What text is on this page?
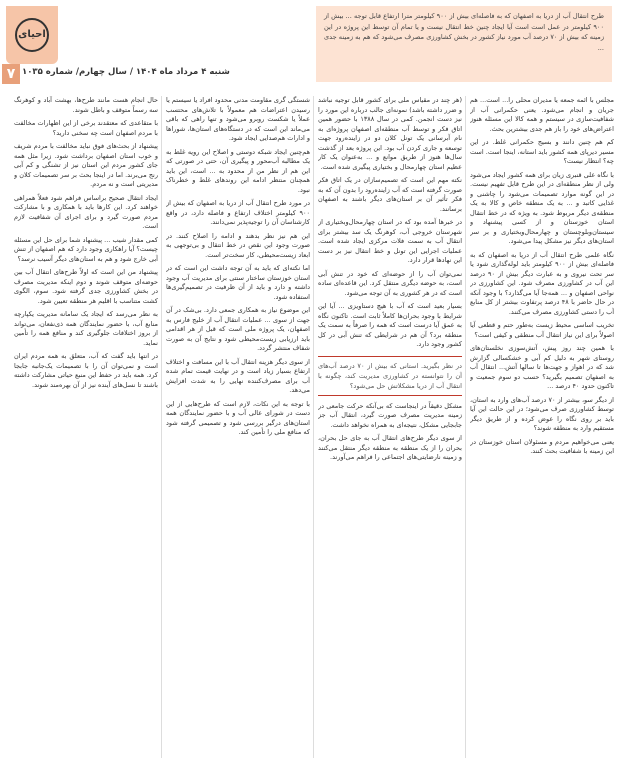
احیای
۷ شنبه ۴ مرداد ماه ۱۴۰۴ / سال چهارم/ شماره ۱۰۳۵
طرح انتقال آب از دریا به اصفهان که به فاصله‌ای بیش از ۹۰۰ کیلومتر مترا ارتفاع قابل توجه ... بیش از ۹۰۰ کیلومتر در عمل است است آیا ایجاد چنین خط انتقال نیست و یا تمام آن توسط این پروژه در این زمینه که بیش از ۷۰ درصد آب مورد نیاز کشور در بخش کشاورزی مصرف می‌شود که هم به زمینه جدی ...

مجلس با ائمه جمعه یا مدیران محلی را... است... هم جریان و انجام می‌شود. یعنی حکمرانی آب از شفافیت‌سازی در سیستم و همه کالا این مسئله هنوز اعتراض‌های خود را باز هم جدی بیشترین بحث.

کم هم چنین دانند و بسیج حکمرانی غلط. در این مسیر دیرپای همه کشور باید استانه، اینجا است. است چه؟ انتظار نیست؟

با نگاه علی قنبری زیان برای همه کشور ایجاد می‌شود ولی از نظر منطقه‌ای در این طرح قابل تفهیم نیست. در این گونه موارد تصمیمات می‌شود را چاشنی و غذایی کاتبد و ... به یک منطقه خاص و کالا به یک منطقه‌ی دیگر مربوط شود. به ویژه که در خط انتقال استان خوزستان و از کسی پیشنهاد و سیستان‌وبلوچستان و چهارمحال‌وبختیاری و بر سر استان‌های دیگر نیز مشکل پیدا می‌شود.

نگاه علمی طرح انتقال آب از دریا به اصفهان که به فاصله‌ای بیش از ۹۰۰ کیلومتر باید لوله‌گذاری شود یا سر تحت نیروی و به عبارت دیگر بیش از ۹۰ درصد این آب در کشاورزی مصرف شود. این کشاورزی در نواحی اصفهان و ... همه‌جا آیا می‌گذارد؟ با وجود آنکه در حال حاضر با ۴۸ درصد پرتفاوت بیشتر از کل منابع آب را دستی کشاورزی مصرف می‌کنند.

تخریب اساسی محیط زیست به‌طور حتم و قطعی آیا اصولاً برای این نیاز انتقال آب منطقی و کیفی است؟

با همین چند روز پیش، آتش‌سوزی نخلستان‌های روستای شهر به دلیل کم آبی و خشکسالی گزارش شد که در اهواز و جهت‌ها تا سالها آتش... انتقال آب به اصفهان تصمیم بگیرید؟ حسب دو سوم جمعیت و تاکنون حدود ۴۰ درصد ...

از دیگر سو، بیشتر از ۷۰ درصد آب‌های وارد به استان، توسط کشاورزی صرف می‌شود؛ در این حالت این آیا باید بر روی نگاه را عوض کرده و از طریق دیگر مستقیم وارد به منطقه شوند؟

یعنی می‌خواهیم مردم و مسئولان استان خوزستان در این زمینه با شفافیت بحث کنند.

(هر چند در مقیاس ملی برای کشور قابل توجیه نباشد و ضرر داشته باشد) نمونه‌ای جالب درباره این مورد را نیز دست انجمن. کمی در سال ۱۳۸۸ با حضور همین اتاق فکر و توسط آب منطقه‌ای اصفهان پروژه‌ای به نام آبرسانی یک تونل کلان دو در زاینده‌رود جهت توسعه و جاری کردن آب بود. این پروژه بعد از گذشت سال‌ها هنوز از طریق موانع و ... به‌عنوان یک کار عظیم استان چهارمحال و بختیاری پیگیری شده است.

نکته مهم این است که تصمیم‌سازان در یک اتاق فکر صورت گرفته است که آب زاینده‌رود را بدون آن که به فکر تأثیر آن بر استان‌های دیگر باشند به اصفهان برسانند.

در خبرها آمده بود که در استان چهارمحال‌وبختیاری از شهرستان خروجی آب، کوهرنگ یک سد بیشتر برای انتقال آب به سمت فلات مرکزی ایجاد شده است. عملیات اجرایی این تونل و خط انتقال نیز بر دست این نهادها قرار دارد.

نمی‌توان آب را از حوضه‌ای که خود در تنش آبی است، به حوضه دیگری منتقل کرد. این قاعده‌ای ساده است که در هر کشوری به آن توجه می‌شود.

بسیار بعید است که آب با هیچ دستاویزی ... آیا این شرایط با وجود بحران‌ها کاملاً ثابت است. تاکنون نگاه به عمق آیا درست است که همه را صرفاً به سمت یک منطقه برد؟ آن هم در شرایطی که تنش آبی در کل کشور وجود دارد.

در نظر بگیرید. استانی که بیش از ۷۰ درصد آب‌های آن را نتوانسته در کشاورزی مدیریت کند، چگونه با انتقال آب از دریا مشکلاتش حل می‌شود؟

مشکل دقیقاً در اینجاست که بی‌آنکه حرکت جامعی در زمینه مدیریت مصرف صورت گیرد، انتقال آب جز جابجایی مشکل، نتیجه‌ای به همراه نخواهد داشت.

از سوی دیگر طرح‌های انتقال آب به جای حل بحران، بحران را از یک منطقه به منطقه دیگر منتقل می‌کنند و زمینه نارضایتی‌های اجتماعی را فراهم می‌آورند.

شستگی گری مقاومت مدنی محدود افراد یا سیستم یا رسیدن اعتراضات هم معمولاً با تلاش‌های محتسب عملاً یا شکست روبرو می‌شود و تنها راهی که باقی می‌ماند این است که در دستگاه‌های استان‌ها، شوراها و ادارات هم‌صدایی ایجاد شود.

هم‌چنین ایجاد شبکه دوستی و اصلاح این رویه غلط به یک مطالبه آب‌محور و پیگیری آن، حتی در صورتی که این هم از نظر من از محدود به ... است، این باید همچنان منتظر ادامه این روند‌های غلط و خطرناک نبود.

در مورد طرح انتقال آب از دریا به اصفهان که بیش از ۹۰۰ کیلومتر اختلاف ارتفاع و فاصله دارد، در واقع کارشناسان آن را توجیه‌پذیر نمی‌دانند.

این هم نیز نظر بدهند و ادامه را اصلاح کنند. در صورت وجود این نقص در خط انتقال و بی‌توجهی به ابعاد زیست‌محیطی، کار سخت‌تر است.

اما نکته‌ای که باید به آن توجه داشت این است که در استان خوزستان ساختار سنتی برای مدیریت آب وجود داشته و دارد و باید از آن ظرفیت در تصمیم‌گیری‌ها استفاده شود.

این موضوع نیاز به همکاری جمعی دارد. بی‌شک در آن جهت از سوی ... عملیات انتقال آب از خلیج فارس به اصفهان، یک پروژه ملی است که قبل از هر اقدامی باید ارزیابی زیست‌محیطی شود و نتایج آن به صورت شفاف منتشر گردد.

از سوی دیگر هزینه انتقال آب با این مسافت و اختلاف ارتفاع بسیار زیاد است و در نهایت قیمت تمام شده آب برای مصرف‌کننده نهایی را به شدت افزایش می‌دهد.

با توجه به این نکات، لازم است که طرح‌هایی از این دست در شورای عالی آب و با حضور نمایندگان همه استان‌های درگیر بررسی شود و تصمیمی گرفته شود که منافع ملی را تأمین کند.

حال انجام هست مانند طرح‌ها، بهشت آباد و کوهرنگ سه رسماً متوقف و باطل شوند.

با متقاعدی که معتقدند برخی از این اظهارات مخالفت با مردم اصفهان است چه سخنی دارید؟

پیشنهاد از بحث‌های فوق نباید مخالفت با مردم شریف و خوب استان اصفهان برداشت شود. زیرا مثل همه جای کشور مردم این استان نیز از تشنگی و کم آبی رنج می‌برند. اما در اینجا بحث بر سر تصمیمات کلان و مدیریتی است و نه مردم.

ایجاد انتقال صحیح براساس فراهم شود فعلاً همراهی خواهند کرد. این کارها باید با همکاری و با مشارکت مردم صورت گیرد و برای اجرای آن شفافیت لازم است.

کمی مقدار شیب ... پیشنهاد شما برای حل این مسئله چیست؟ آیا راهکاری وجود دارد که هم اصفهان از تنش آبی خارج شود و هم به استان‌های دیگر آسیب نرسد؟

پیشنهاد من این است که اولاً طرح‌های انتقال آب بین حوضه‌ای متوقف شوند و دوم اینکه مدیریت مصرف در بخش کشاورزی جدی گرفته شود. سوم، الگوی کشت متناسب با اقلیم هر منطقه تعیین شود.

به نظر می‌رسد که ایجاد یک سامانه مدیریت یکپارچه منابع آب، با حضور نمایندگان همه ذی‌نفعان، می‌تواند از بروز اختلافات جلوگیری کند و منافع همه را تأمین نماید.

در انتها باید گفت که آب، متعلق به همه مردم ایران است و نمی‌توان آن را با تصمیمات یک‌جانبه جابجا کرد. همه باید در حفظ این منبع حیاتی مشارکت داشته باشند تا نسل‌های آینده نیز از آن بهره‌مند شوند.
